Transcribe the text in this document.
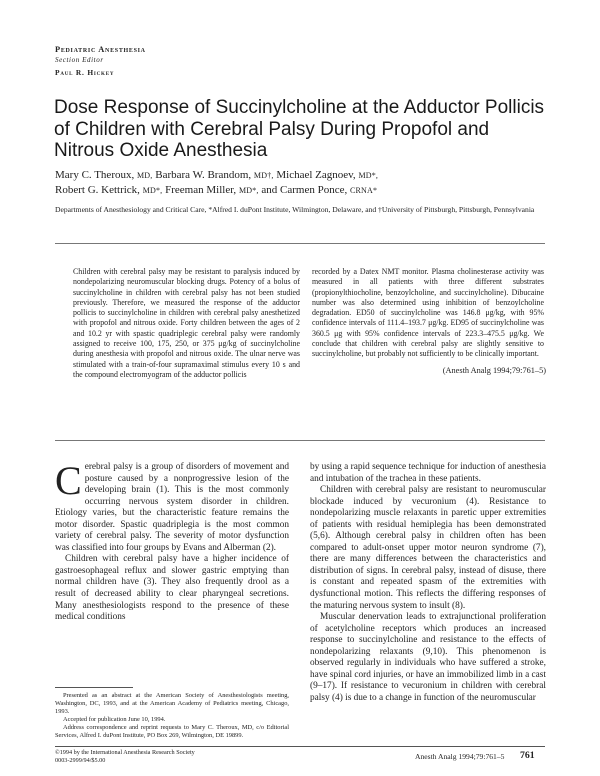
Pediatric Anesthesia
Section Editor
Paul R. Hickey
Dose Response of Succinylcholine at the Adductor Pollicis of Children with Cerebral Palsy During Propofol and Nitrous Oxide Anesthesia

Mary C. Theroux, MD, Barbara W. Brandom, MD†, Michael Zagnoev, MD*,
Robert G. Kettrick, MD*, Freeman Miller, MD*, and Carmen Ponce, CRNA*

Departments of Anesthesiology and Critical Care, *Alfred I. duPont Institute, Wilmington, Delaware, and †University of Pittsburgh, Pittsburgh, Pennsylvania

Children with cerebral palsy may be resistant to paralysis induced by nondepolarizing neuromuscular blocking drugs. Potency of a bolus of succinylcholine in children with cerebral palsy has not been studied previously. Therefore, we measured the response of the adductor pollicis to succinylcholine in children with cerebral palsy anesthetized with propofol and nitrous oxide. Forty children between the ages of 2 and 10.2 yr with spastic quadriplegic cerebral palsy were randomly assigned to receive 100, 175, 250, or 375 μg/kg of succinylcholine during anesthesia with propofol and nitrous oxide. The ulnar nerve was stimulated with a train-of-four supramaximal stimulus every 10 s and the compound electromyogram of the adductor pollicis

recorded by a Datex NMT monitor. Plasma cholinesterase activity was measured in all patients with three different substrates (propionylthiocholine, benzoylcholine, and succinylcholine). Dibucaine number was also determined using inhibition of benzoylcholine degradation. ED50 of succinylcholine was 146.8 μg/kg, with 95% confidence intervals of 111.4–193.7 μg/kg. ED95 of succinylcholine was 360.5 μg with 95% confidence intervals of 223.3–475.5 μg/kg. We conclude that children with cerebral palsy are slightly sensitive to succinylcholine, but probably not sufficiently to be clinically important.

(Anesth Analg 1994;79:761–5)

Cerebral palsy is a group of disorders of movement and posture caused by a nonprogressive lesion of the developing brain (1). This is the most commonly occurring nervous system disorder in children. Etiology varies, but the characteristic feature remains the motor disorder. Spastic quadriplegia is the most common variety of cerebral palsy. The severity of motor dysfunction was classified into four groups by Evans and Alberman (2).

Children with cerebral palsy have a higher incidence of gastroesophageal reflux and slower gastric emptying than normal children have (3). They also frequently drool as a result of decreased ability to clear pharyngeal secretions. Many anesthesiologists respond to the presence of these medical conditions

by using a rapid sequence technique for induction of anesthesia and intubation of the trachea in these patients.

Children with cerebral palsy are resistant to neuromuscular blockade induced by vecuronium (4). Resistance to nondepolarizing muscle relaxants in paretic upper extremities of patients with residual hemiplegia has been demonstrated (5,6). Although cerebral palsy in children often has been compared to adult-onset upper motor neuron syndrome (7), there are many differences between the characteristics and distribution of signs. In cerebral palsy, instead of disuse, there is constant and repeated spasm of the extremities with dysfunctional motion. This reflects the differing responses of the maturing nervous system to insult (8).

Muscular denervation leads to extrajunctional proliferation of acetylcholine receptors which produces an increased response to succinylcholine and resistance to the effects of nondepolarizing relaxants (9,10). This phenomenon is observed regularly in individuals who have suffered a stroke, have spinal cord injuries, or have an immobilized limb in a cast (9–17). If resistance to vecuronium in children with cerebral palsy (4) is due to a change in function of the neuromuscular

Presented as an abstract at the American Society of Anesthesiologists meeting, Washington, DC, 1993, and at the American Academy of Pediatrics meeting, Chicago, 1993.

Accepted for publication June 10, 1994.

Address correspondence and reprint requests to Mary C. Theroux, MD, c/o Editorial Services, Alfred I. duPont Institute, PO Box 269, Wilmington, DE 19899.

©1994 by the International Anesthesia Research Society
0003-2999/94/$5.00	Anesth Analg 1994;79:761–5 761
